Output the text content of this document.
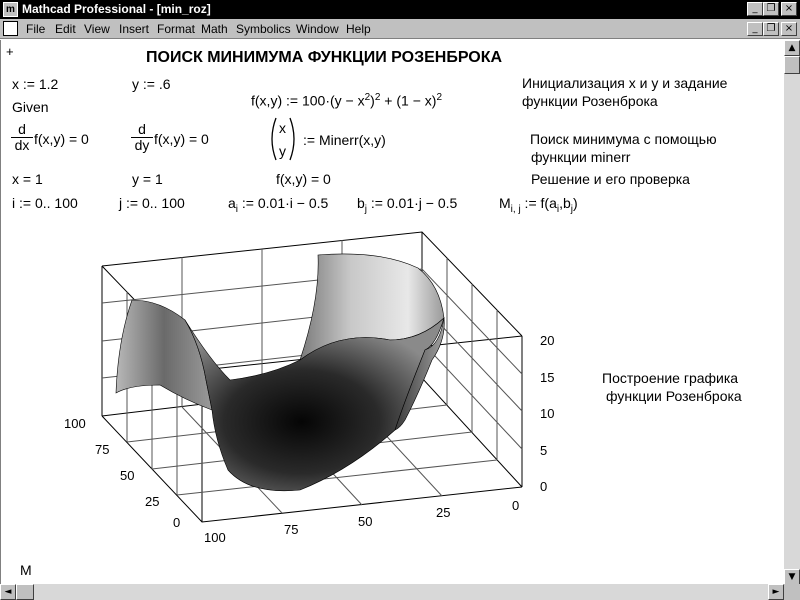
m Mathcad Professional - [min_roz]	_ ❐ ×
File Edit View Insert Format Math Symbolics Window Help	_ ❐ ×
+	ПОИСК МИНИМУМА ФУНКЦИИ РОЗЕНБРОКА
x := 1.2	y := .6
Given	f(x,y) := $100\cdot(y - x^2)^2 + (1 - x)^2$
Инициализация x и y и задание
функции Розенброка
$\frac{d}{dx} f(x,y) = 0$	$\frac{d}{dy} f(x,y) = 0$
x
y
:= Minerr(x,y)	Поиск минимума с помощью
функции minerr
x = 1	y = 1	f(x,y) = 0	Решение и его проверка
i := 0.. 100	j := 0.. 100	$a_i$ := 0.01·i − 0.5 $b_j$ := 0.01·j − 0.5	$M_{i, j}$ := $f(a_i,b_j)$
Построение графика
функции Розенброка
M
20
15
10
5
0
100
75
50
25
0
100
75
50
25	0
▲
▼
◄	►
